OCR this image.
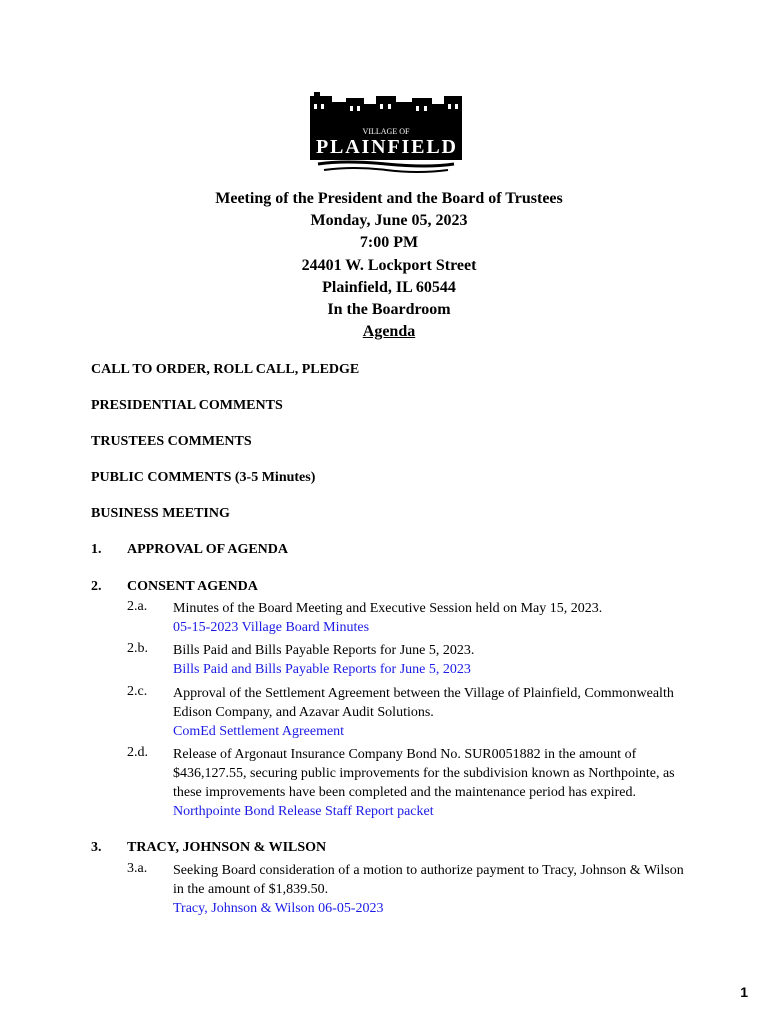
VILLAGE OF
PLAINFIELD
Meeting of the President and the Board of Trustees
Monday, June 05, 2023
7:00 PM
24401 W. Lockport Street
Plainfield, IL 60544
In the Boardroom
Agenda
CALL TO ORDER, ROLL CALL, PLEDGE
PRESIDENTIAL COMMENTS
TRUSTEES COMMENTS
PUBLIC COMMENTS (3-5 Minutes)
BUSINESS MEETING
1. APPROVAL OF AGENDA
2. CONSENT AGENDA
2.a. Minutes of the Board Meeting and Executive Session held on May 15, 2023.
05-15-2023 Village Board Minutes
2.b. Bills Paid and Bills Payable Reports for June 5, 2023.
Bills Paid and Bills Payable Reports for June 5, 2023
2.c. Approval of the Settlement Agreement between the Village of Plainfield, Commonwealth Edison Company, and Azavar Audit Solutions.
ComEd Settlement Agreement
2.d. Release of Argonaut Insurance Company Bond No. SUR0051882 in the amount of $436,127.55, securing public improvements for the subdivision known as Northpointe, as these improvements have been completed and the maintenance period has expired.
Northpointe Bond Release Staff Report packet
3. TRACY, JOHNSON & WILSON
3.a. Seeking Board consideration of a motion to authorize payment to Tracy, Johnson & Wilson in the amount of $1,839.50.
Tracy, Johnson & Wilson 06-05-2023
1
